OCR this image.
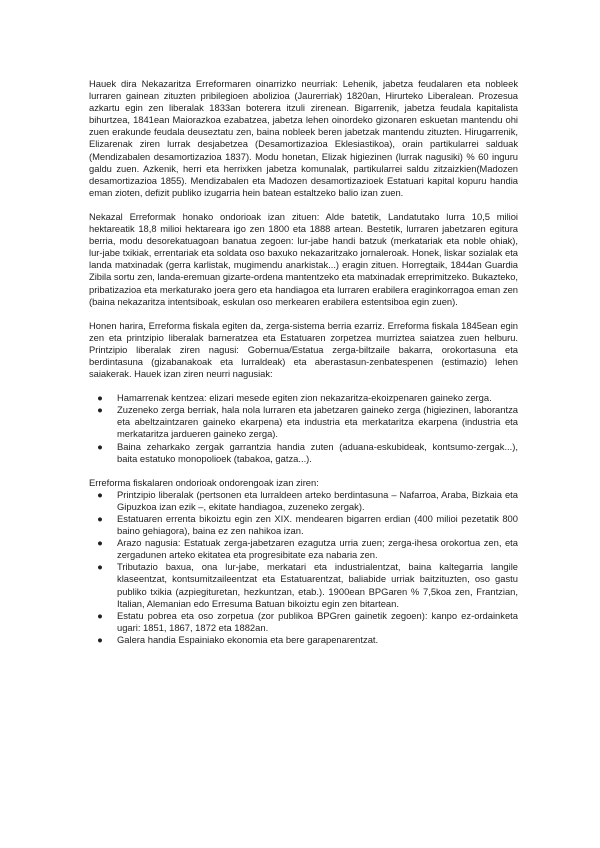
Hauek dira Nekazaritza Erreformaren oinarrizko neurriak: Lehenik, jabetza feudalaren eta nobleek lurraren gainean zituzten pribilegioen abolizioa (Jaurerriak) 1820an, Hirurteko Liberalean. Prozesua azkartu egin zen liberalak 1833an boterera itzuli zirenean. Bigarrenik, jabetza feudala kapitalista bihurtzea, 1841ean Maiorazkoa ezabatzea, jabetza lehen oinordeko gizonaren eskuetan mantendu ohi zuen erakunde feudala deuseztatu zen, baina nobleek beren jabetzak mantendu zituzten. Hirugarrenik, Elizarenak ziren lurrak desjabetzea (Desamortizazioa Eklesiastikoa), orain partikularrei salduak (Mendizabalen desamortizazioa 1837). Modu honetan, Elizak higiezinen (lurrak nagusiki) % 60 inguru galdu zuen. Azkenik, herri eta herrixken jabetza komunalak, partikularrei saldu zitzaizkien(Madozen desamortizazioa 1855). Mendizabalen eta Madozen desamortizazioek Estatuari kapital kopuru handia eman zioten, defizit publiko izugarria hein batean estaltzeko balio izan zuen.

Nekazal Erreformak honako ondorioak izan zituen: Alde batetik, Landatutako lurra 10,5 milioi hektareatik 18,8 milioi hektareara igo zen 1800 eta 1888 artean. Bestetik, lurraren jabetzaren egitura berria, modu desorekatuagoan banatua zegoen: lur-jabe handi batzuk (merkatariak eta noble ohiak), lur-jabe txikiak, errentariak eta soldata oso baxuko nekazaritzako jornaleroak. Honek, liskar sozialak eta landa matxinadak (gerra karlistak, mugimendu anarkistak...) eragin zituen. Horregtaik, 1844an Guardia Zibila sortu zen, landa-eremuan gizarte-ordena mantentzeko eta matxinadak erreprimitzeko. Bukazteko, pribatizazioa eta merkaturako joera gero eta handiagoa eta lurraren erabilera eraginkorragoa eman zen (baina nekazaritza intentsiboak, eskulan oso merkearen erabilera estentsiboa egin zuen).

Honen harira, Erreforma fiskala egiten da, zerga-sistema berria ezarriz. Erreforma fiskala 1845ean egin zen eta printzipio liberalak barneratzea eta Estatuaren zorpetzea murriztea saiatzea zuen helburu. Printzipio liberalak ziren nagusi: Gobernua/Estatua zerga-biltzaile bakarra, orokortasuna eta berdintasuna (gizabanakoak eta lurraldeak) eta aberastasun-zenbatespenen (estimazio) lehen saiakerak. Hauek izan ziren neurri nagusiak:

● Hamarrenak kentzea: elizari mesede egiten zion nekazaritza-ekoizpenaren gaineko zerga.
● Zuzeneko zerga berriak, hala nola lurraren eta jabetzaren gaineko zerga (higiezinen, laborantza eta abeltzaintzaren gaineko ekarpena) eta industria eta merkataritza ekarpena (industria eta merkataritza jardueren gaineko zerga).
● Baina zeharkako zergak garrantzia handia zuten (aduana-eskubideak, kontsumo-zergak...), baita estatuko monopolioek (tabakoa, gatza...).

Erreforma fiskalaren ondorioak ondorengoak izan ziren:

● Printzipio liberalak (pertsonen eta lurraldeen arteko berdintasuna – Nafarroa, Araba, Bizkaia eta Gipuzkoa izan ezik –, ekitate handiagoa, zuzeneko zergak).
● Estatuaren errenta bikoiztu egin zen XIX. mendearen bigarren erdian (400 milioi pezetatik 800 baino gehiagora), baina ez zen nahikoa izan.
● Arazo nagusia: Estatuak zerga-jabetzaren ezagutza urria zuen; zerga-ihesa orokortua zen, eta zergadunen arteko ekitatea eta progresibitate eza nabaria zen.
● Tributazio baxua, ona lur-jabe, merkatari eta industrialentzat, baina kaltegarria langile klaseentzat, kontsumitzaileentzat eta Estatuarentzat, baliabide urriak baitzituzten, oso gastu publiko txikia (azpiegituretan, hezkuntzan, etab.). 1900ean BPGaren % 7,5koa zen, Frantzian, Italian, Alemanian edo Erresuma Batuan bikoiztu egin zen bitartean.
● Estatu pobrea eta oso zorpetua (zor publikoa BPGren gainetik zegoen): kanpo ez-ordainketa ugari: 1851, 1867, 1872 eta 1882an.
● Galera handia Espainiako ekonomia eta bere garapenarentzat.
